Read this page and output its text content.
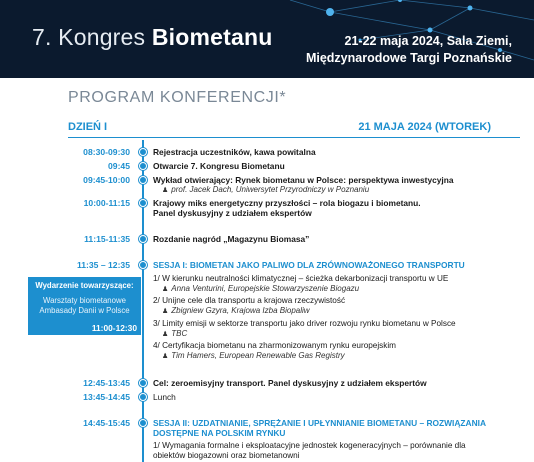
7. Kongres Biometanu	21-22 maja 2024, Sala Ziemi,
Międzynarodowe Targi Poznańskie
PROGRAM KONFERENCJI*
DZIEŃ I	21 MAJA 2024 (WTOREK)
08:30-09:30	Rejestracja uczestników, kawa powitalna
09:45	Otwarcie 7. Kongresu Biometanu
09:45-10:00	Wykład otwierający: Rynek biometanu w Polsce: perspektywa inwestycyjna
♟ prof. Jacek Dach, Uniwersytet Przyrodniczy w Poznaniu
10:00-11:15	Krajowy miks energetyczny przyszłości – rola biogazu i biometanu.
Panel dyskusyjny z udziałem ekspertów
11:15-11:35	Rozdanie nagród „Magazynu Biomasa”
11:35 – 12:35	SESJA I: BIOMETAN JAKO PALIWO DLA ZRÓWNOWAŻONEGO TRANSPORTU
1/ W kierunku neutralności klimatycznej – ścieżka dekarbonizacji transportu w UE
♟ Anna Venturini, Europejskie Stowarzyszenie Biogazu
2/ Unijne cele dla transportu a krajowa rzeczywistość
♟ Zbigniew Gzyra, Krajowa Izba Biopaliw
3/ Limity emisji w sektorze transportu jako driver rozwoju rynku biometanu w Polsce
♟ TBC
4/ Certyfikacja biometanu na zharmonizowanym rynku europejskim
♟ Tim Hamers, European Renewable Gas Registry
Wydarzenie towarzyszące:
Warsztaty biometanowe
Ambasady Danii w Polsce
11:00-12:30
12:45-13:45	Cel: zeroemisyjny transport. Panel dyskusyjny z udziałem ekspertów
13:45-14:45	Lunch
14:45-15:45	SESJA II: UZDATNIANIE, SPRĘŻANIE I UPŁYNNIANIE BIOMETANU – ROZWIĄZANIA
DOSTĘPNE NA POLSKIM RYNKU
1/ Wymagania formalne i eksploatacyjne jednostek kogeneracyjnych – porównanie dla
obiektów biogazowni oraz biometanowni
